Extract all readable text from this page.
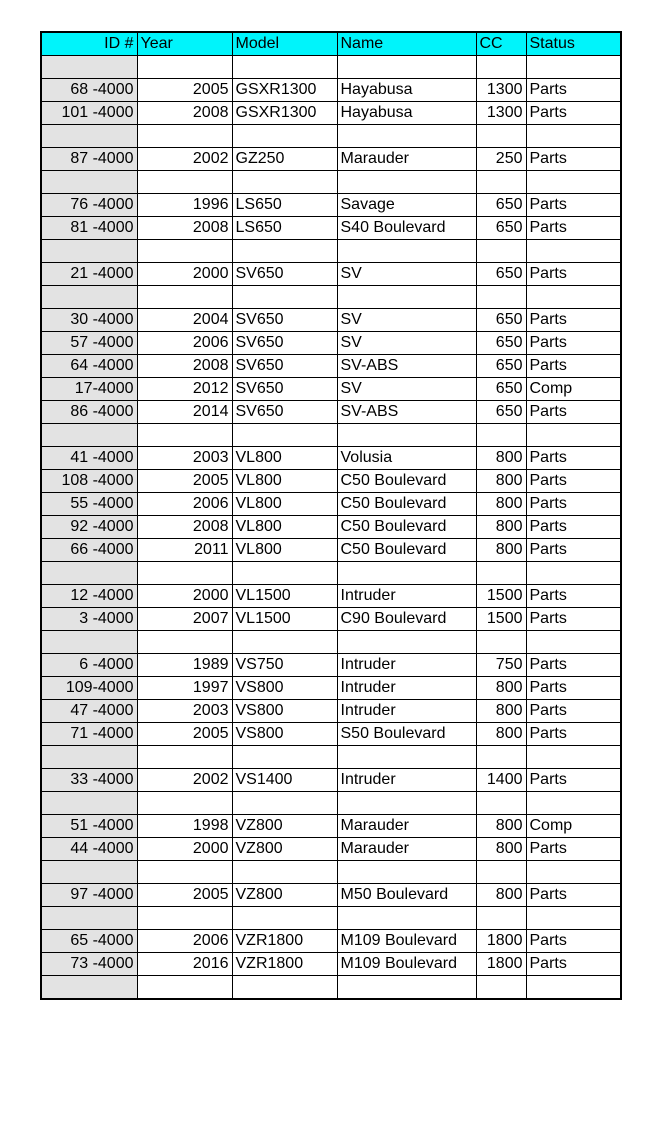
ID #	Year	Model	Name	CC	Status

68 -4000	2005	GSXR1300	Hayabusa	1300	Parts
101 -4000	2008	GSXR1300	Hayabusa	1300	Parts

87 -4000	2002	GZ250	Marauder	250	Parts

76 -4000	1996	LS650	Savage	650	Parts
81 -4000	2008	LS650	S40 Boulevard	650	Parts

21 -4000	2000	SV650	SV	650	Parts

30 -4000	2004	SV650	SV	650	Parts
57 -4000	2006	SV650	SV	650	Parts
64 -4000	2008	SV650	SV-ABS	650	Parts
17-4000	2012	SV650	SV	650	Comp
86 -4000	2014	SV650	SV-ABS	650	Parts

41 -4000	2003	VL800	Volusia	800	Parts
108 -4000	2005	VL800	C50 Boulevard	800	Parts
55 -4000	2006	VL800	C50 Boulevard	800	Parts
92 -4000	2008	VL800	C50 Boulevard	800	Parts
66 -4000	2011	VL800	C50 Boulevard	800	Parts

12 -4000	2000	VL1500	Intruder	1500	Parts
3 -4000	2007	VL1500	C90 Boulevard	1500	Parts

6 -4000	1989	VS750	Intruder	750	Parts
109-4000	1997	VS800	Intruder	800	Parts
47 -4000	2003	VS800	Intruder	800	Parts
71 -4000	2005	VS800	S50 Boulevard	800	Parts

33 -4000	2002	VS1400	Intruder	1400	Parts

51 -4000	1998	VZ800	Marauder	800	Comp
44 -4000	2000	VZ800	Marauder	800	Parts

97 -4000	2005	VZ800	M50 Boulevard	800	Parts

65 -4000	2006	VZR1800	M109 Boulevard	1800	Parts
73 -4000	2016	VZR1800	M109 Boulevard	1800	Parts
